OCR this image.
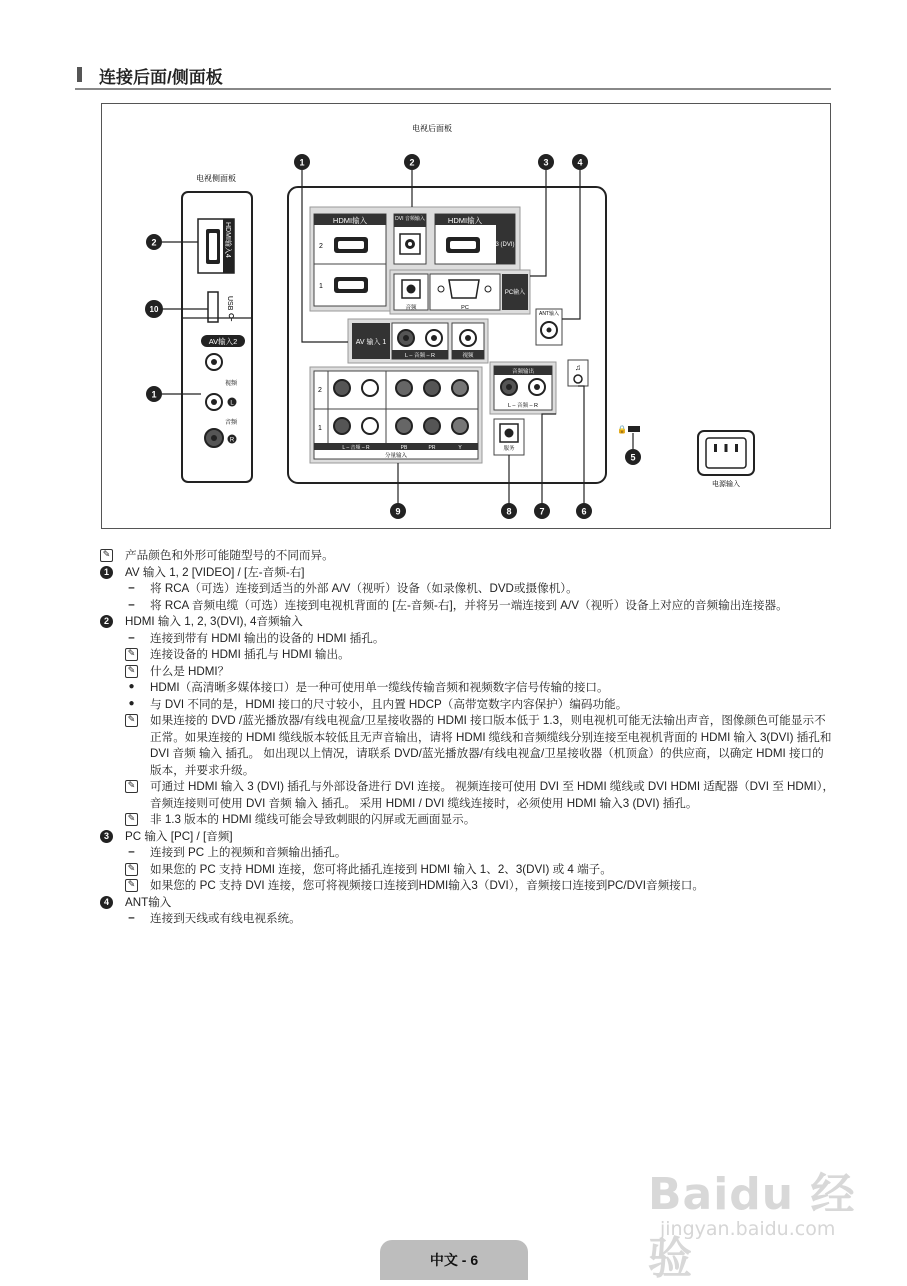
连接后面/侧面板
电视后面板
电视侧面板
HDMI输入4
USB
⚲
AV输入2
视频
L
音频
R
HDMI输入
2
1
DVI 音频输入	HDMI输入
3 (DVI)
音频	PC
PC输入
ANT输入
AV 输入 1
L – 音频 – R	视频
音频输出
L – 音频 – R
♫
2
1
L – 音频 – R	PB	PR	Y
分量输入
服务
🔒
电源输入
1	2	3	4
5
6
7
8
9
10
1
2
✎ 产品颜色和外形可能随型号的不同而异。
1	AV 输入 1, 2 [VIDEO] / [左-音频-右]
– 将 RCA（可选）连接到适当的外部 A/V（视听）设备（如录像机、DVD或摄像机）。
– 将 RCA 音频电缆（可选）连接到电视机背面的 [左-音频-右]，并将另一端连接到 A/V（视听）设备上对应的音频输出连接器。
2	HDMI 输入 1, 2, 3(DVI), 4音频输入
– 连接到带有 HDMI 输出的设备的 HDMI 插孔。
✎ 连接设备的 HDMI 插孔与 HDMI 输出。
✎ 什么是 HDMI？
●	HDMI（高清晰多媒体接口）是一种可使用单一缆线传输音频和视频数字信号传输的接口。
●	与 DVI 不同的是，HDMI 接口的尺寸较小，且内置 HDCP（高带宽数字内容保护）编码功能。
✎ 如果连接的 DVD /蓝光播放器/有线电视盒/卫星接收器的 HDMI 接口版本低于 1.3，则电视机可能无法输出声音，图像颜色可能显示不正常。如果连接的 HDMI 缆线版本较低且无声音输出，请将 HDMI 缆线和音频缆线分别连接至电视机背面的 HDMI 输入 3(DVI) 插孔和 DVI 音频 输入 插孔。 如出现以上情况，请联系 DVD/蓝光播放器/有线电视盒/卫星接收器（机顶盒）的供应商，以确定 HDMI 接口的版本，并要求升级。
✎ 可通过 HDMI 输入 3 (DVI) 插孔与外部设备进行 DVI 连接。 视频连接可使用 DVI 至 HDMI 缆线或 DVI HDMI 适配器（DVI 至 HDMI），音频连接则可使用 DVI 音频 输入 插孔。 采用 HDMI / DVI 缆线连接时，必须使用 HDMI 输入3 (DVI) 插孔。
✎ 非 1.3 版本的 HDMI 缆线可能会导致刺眼的闪屏或无画面显示。
3	PC 输入 [PC] / [音频]
– 连接到 PC 上的视频和音频输出插孔。
✎ 如果您的 PC 支持 HDMI 连接，您可将此插孔连接到 HDMI 输入 1、2、3(DVI) 或 4 端子。
✎ 如果您的 PC 支持 DVI 连接，您可将视频接口连接到HDMI输入3（DVI），音频接口连接到PC/DVI音频接口。
4	ANT输入
– 连接到天线或有线电视系统。
Baidu 经验
jingyan.baidu.com
中文 - 6
